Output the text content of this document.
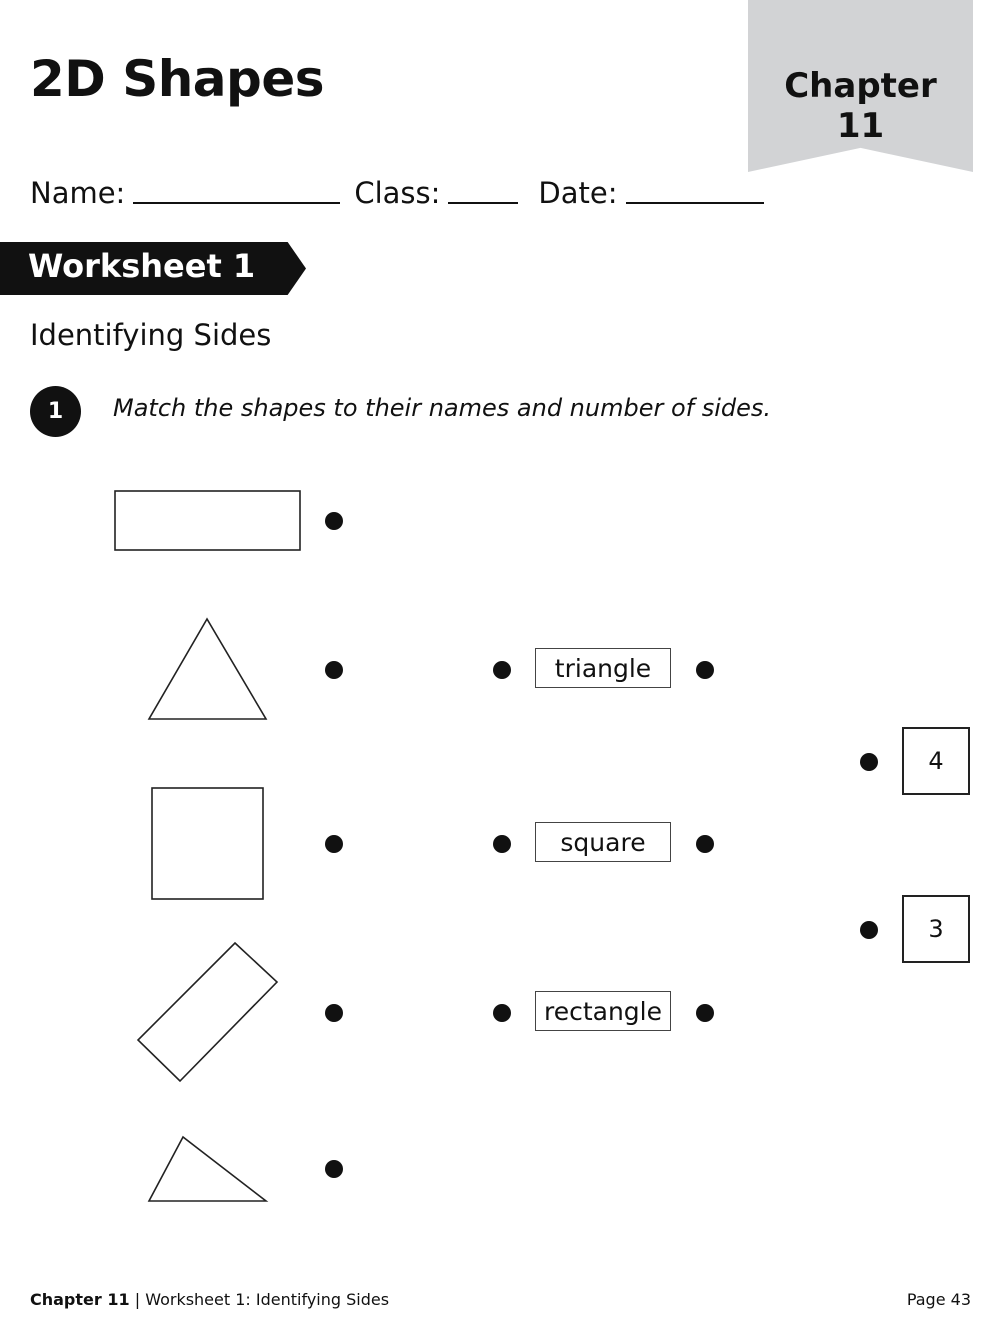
2D Shapes	Chapter
11
Name:	Class:	Date:
Worksheet 1
Identifying Sides
1	Match the shapes to their names and number of sides.
triangle
square
rectangle
4
3
Chapter 11 | Worksheet 1: Identifying Sides	Page 43
